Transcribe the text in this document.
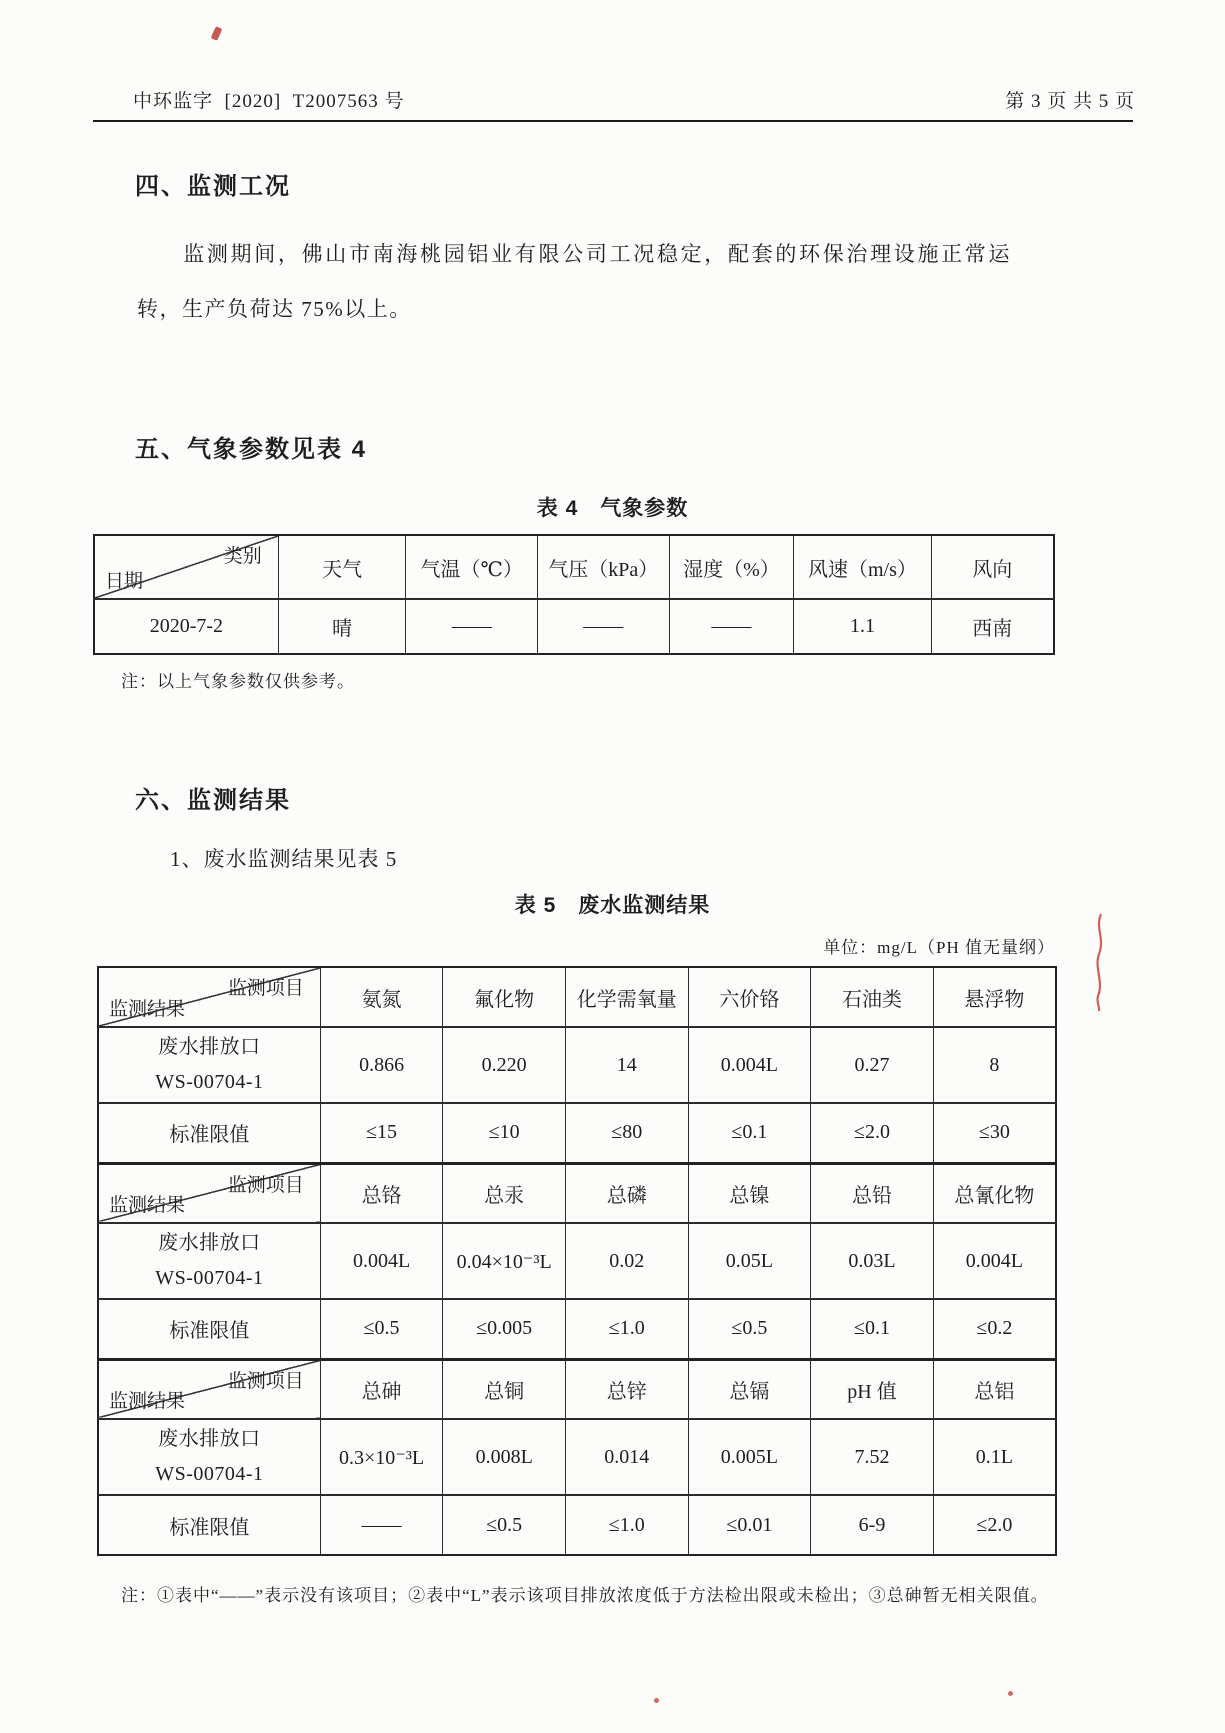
中环监字  [2020]  T2007563 号	第 3 页 共 5 页
四、监测工况

监测期间，佛山市南海桃园铝业有限公司工况稳定，配套的环保治理设施正常运转，生产负荷达 75%以上。

五、气象参数见表 4
表 4　气象参数
类别
日期	天气	气温（℃）	气压（kPa）	湿度（%）	风速（m/s）	风向
2020-7-2	晴	——	——	——	1.1	西南
注：以上气象参数仅供参考。
六、监测结果
1、废水监测结果见表 5
表 5　废水监测结果
单位：mg/L（PH 值无量纲）
监测项目
监测结果	氨氮	氟化物	化学需氧量	六价铬	石油类	悬浮物

废水排放口
WS-00704-1	0.866	0.220	14	0.004L	0.27	8
标准限值	≤15	≤10	≤80	≤0.1	≤2.0	≤30

监测项目
监测结果	总铬	总汞	总磷	总镍	总铅	总氰化物

废水排放口
WS-00704-1	0.004L	0.04×10⁻³L	0.02	0.05L	0.03L	0.004L
标准限值	≤0.5	≤0.005	≤1.0	≤0.5	≤0.1	≤0.2

监测项目
监测结果	总砷	总铜	总锌	总镉	pH 值	总铝

废水排放口
WS-00704-1	0.3×10⁻³L	0.008L	0.014	0.005L	7.52	0.1L
标准限值	——	≤0.5	≤1.0	≤0.01	6-9	≤2.0
注：①表中“——”表示没有该项目；②表中“L”表示该项目排放浓度低于方法检出限或未检出；③总砷暂无相关限值。
